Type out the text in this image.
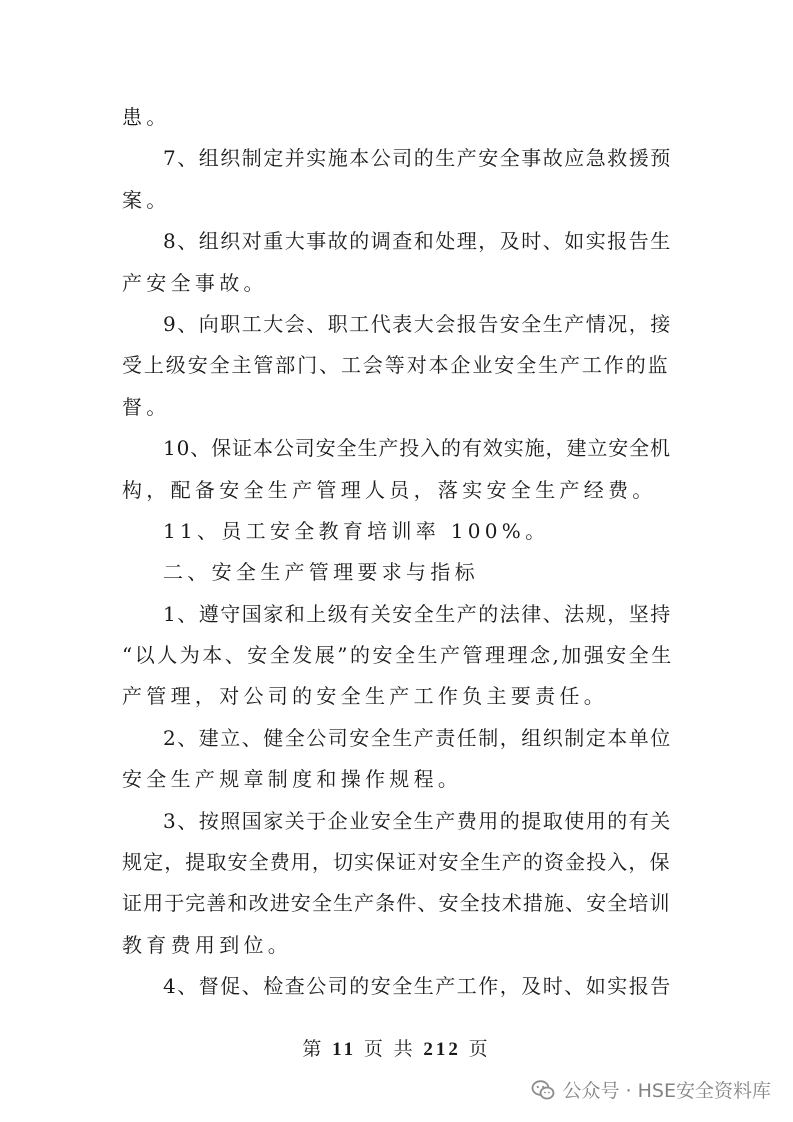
患。
7、组织制定并实施本公司的生产安全事故应急救援预
案。
8、组织对重大事故的调查和处理，及时、如实报告生
产安全事故。
9、向职工大会、职工代表大会报告安全生产情况，接
受上级安全主管部门、工会等对本企业安全生产工作的监
督。
10、保证本公司安全生产投入的有效实施，建立安全机
构，配备安全生产管理人员，落实安全生产经费。
11、员工安全教育培训率 100%。
二、安全生产管理要求与指标
1、遵守国家和上级有关安全生产的法律、法规，坚持
“以人为本、安全发展”的安全生产管理理念,加强安全生
产管理，对公司的安全生产工作负主要责任。
2、建立、健全公司安全生产责任制，组织制定本单位
安全生产规章制度和操作规程。
3、按照国家关于企业安全生产费用的提取使用的有关
规定，提取安全费用，切实保证对安全生产的资金投入，保
证用于完善和改进安全生产条件、安全技术措施、安全培训
教育费用到位。
4、督促、检查公司的安全生产工作，及时、如实报告
第 11 页 共 212 页
公众号 · HSE安全资料库
